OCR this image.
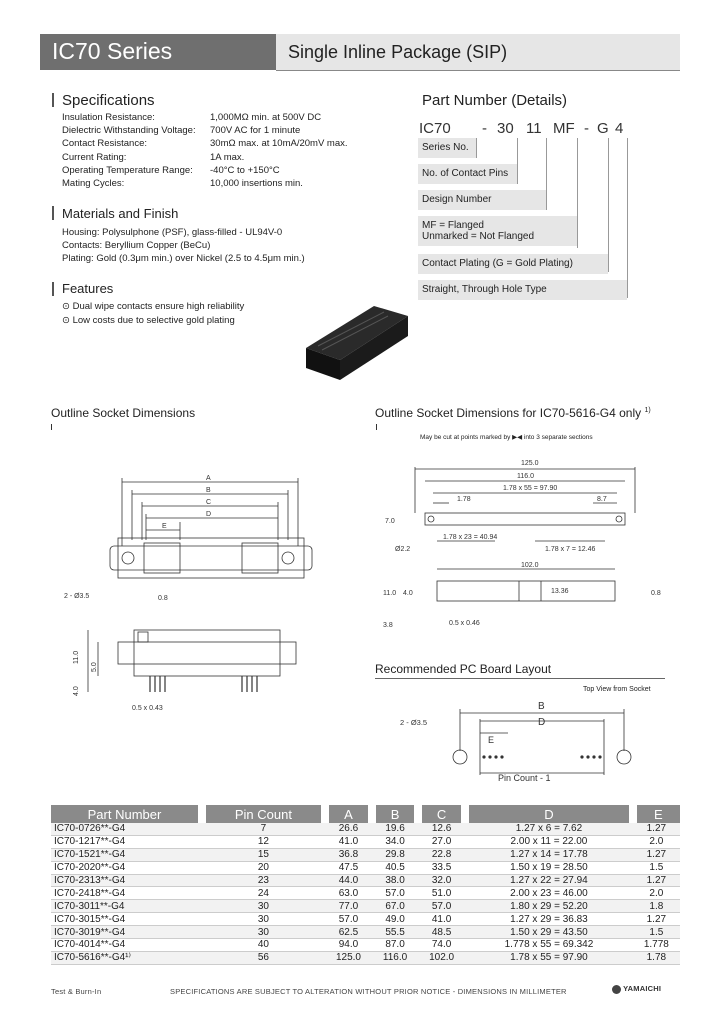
IC70 Series	Single Inline Package (SIP)
Specifications
Insulation Resistance:	1,000MΩ min. at 500V DC
Dielectric Withstanding Voltage: 700V AC for 1 minute
Contact Resistance:	30mΩ max. at 10mA/20mV max.
Current Rating:	1A max.
Operating Temperature Range: -40°C to +150°C
Mating Cycles:	10,000 insertions min.
Materials and Finish
Housing: Polysulphone (PSF), glass-filled - UL94V-0
Contacts: Beryllium Copper (BeCu)
Plating: Gold (0.3μm min.) over Nickel (2.5 to 4.5μm min.)
Features
⊙ Dual wipe contacts ensure high reliability
⊙ Low costs due to selective gold plating
Part Number (Details)
IC70 - 30 11 MF - G 4
Series No.
No. of Contact Pins
Design Number
MF = Flanged
Unmarked = Not Flanged
Contact Plating (G = Gold Plating)
Straight, Through Hole Type
Outline Socket Dimensions	Outline Socket Dimensions for IC70-5616-G4 only $^{1)}$
May be cut at points marked by ▶◀ into 3 separate sections
Recommended PC Board Layout
Top View from Socket
A
B
C
D
E
2 - Ø3.5	0.8
11.0
5.0
4.0
0.5 x 0.43
125.0
116.0
1.78 x 55 = 97.90
1.78	8.7
Ø2.2
7.0
1.78 x 23 = 40.94
1.78 x 7 = 12.46
102.0
13.36
11.0 4.0
3.8	0.5 x 0.46
0.8
B
D
2 - Ø3.5
E
Pin Count - 1
Part Number	Pin Count	A	B	C	D	E
IC70-0726**-G4	7	26.6	19.6	12.6	1.27 x 6 = 7.62	1.27
IC70-1217**-G4	12	41.0	34.0	27.0	2.00 x 11 = 22.00	2.0
IC70-1521**-G4	15	36.8	29.8	22.8	1.27 x 14 = 17.78	1.27
IC70-2020**-G4	20	47.5	40.5	33.5	1.50 x 19 = 28.50	1.5
IC70-2313**-G4	23	44.0	38.0	32.0	1.27 x 22 = 27.94	1.27
IC70-2418**-G4	24	63.0	57.0	51.0	2.00 x 23 = 46.00	2.0
IC70-3011**-G4	30	77.0	67.0	57.0	1.80 x 29 = 52.20	1.8
IC70-3015**-G4	30	57.0	49.0	41.0	1.27 x 29 = 36.83	1.27
IC70-3019**-G4	30	62.5	55.5	48.5	1.50 x 29 = 43.50	1.5
IC70-4014**-G4	40	94.0	87.0	74.0	1.778 x 55 = 69.342	1.778
IC70-5616**-G4¹⁾	56	125.0	116.0	102.0	1.78 x 55 = 97.90	1.78
Test & Burn-In	SPECIFICATIONS ARE SUBJECT TO ALTERATION WITHOUT PRIOR NOTICE - DIMENSIONS IN MILLIMETER	YAMAICHI
